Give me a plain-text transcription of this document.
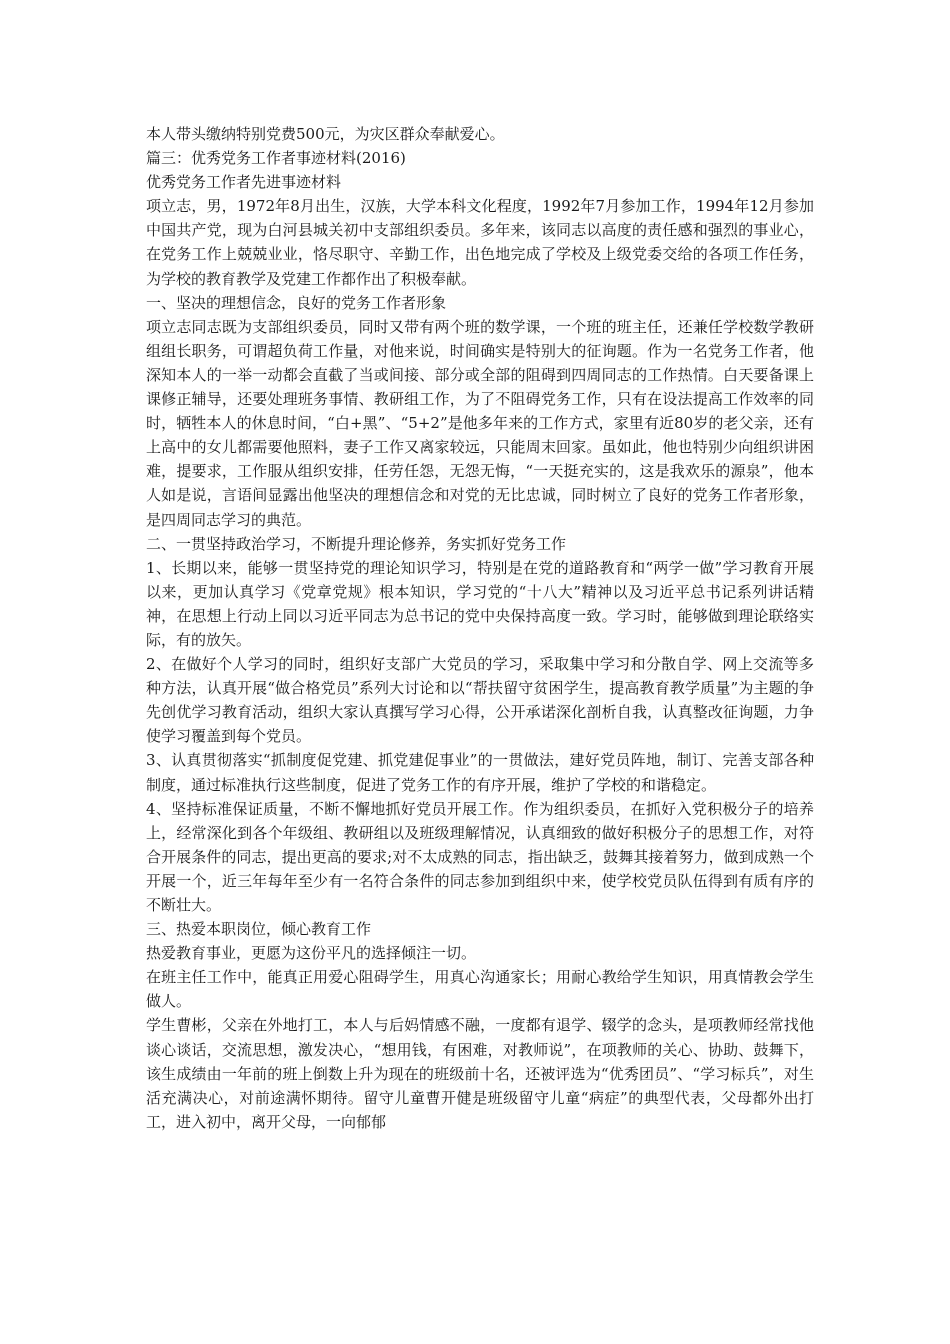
本人带头缴纳特别党费500元，为灾区群众奉献爱心。

篇三：优秀党务工作者事迹材料(2016)

优秀党务工作者先进事迹材料

项立志，男，1972年8月出生，汉族，大学本科文化程度，1992年7月参加工作，1994年12月参加中国共产党，现为白河县城关初中支部组织委员。多年来，该同志以高度的责任感和强烈的事业心，在党务工作上兢兢业业，恪尽职守、辛勤工作，出色地完成了学校及上级党委交给的各项工作任务，为学校的教育教学及党建工作都作出了积极奉献。

一、坚决的理想信念，良好的党务工作者形象

项立志同志既为支部组织委员，同时又带有两个班的数学课，一个班的班主任，还兼任学校数学教研组组长职务，可谓超负荷工作量，对他来说，时间确实是特别大的征询题。作为一名党务工作者，他深知本人的一举一动都会直截了当或间接、部分或全部的阻碍到四周同志的工作热情。白天要备课上课修正辅导，还要处理班务事情、教研组工作，为了不阻碍党务工作，只有在设法提高工作效率的同时，牺牲本人的休息时间，“白+黑”、“5+2”是他多年来的工作方式，家里有近80岁的老父亲，还有上高中的女儿都需要他照料，妻子工作又离家较远，只能周末回家。虽如此，他也特别少向组织讲困难，提要求，工作服从组织安排，任劳任怨，无怨无悔，“一天挺充实的，这是我欢乐的源泉”，他本人如是说，言语间显露出他坚决的理想信念和对党的无比忠诚，同时树立了良好的党务工作者形象，是四周同志学习的典范。

二、一贯坚持政治学习，不断提升理论修养，务实抓好党务工作

1、长期以来，能够一贯坚持党的理论知识学习，特别是在党的道路教育和“两学一做”学习教育开展以来，更加认真学习《党章党规》根本知识，学习党的“十八大”精神以及习近平总书记系列讲话精神，在思想上行动上同以习近平同志为总书记的党中央保持高度一致。学习时，能够做到理论联络实际，有的放矢。

2、在做好个人学习的同时，组织好支部广大党员的学习，采取集中学习和分散自学、网上交流等多种方法，认真开展“做合格党员”系列大讨论和以“帮扶留守贫困学生，提高教育教学质量”为主题的争先创优学习教育活动，组织大家认真撰写学习心得，公开承诺深化剖析自我，认真整改征询题，力争使学习覆盖到每个党员。

3、认真贯彻落实“抓制度促党建、抓党建促事业”的一贯做法，建好党员阵地，制订、完善支部各种制度，通过标准执行这些制度，促进了党务工作的有序开展，维护了学校的和谐稳定。

4、坚持标准保证质量，不断不懈地抓好党员开展工作。作为组织委员，在抓好入党积极分子的培养上，经常深化到各个年级组、教研组以及班级理解情况，认真细致的做好积极分子的思想工作，对符合开展条件的同志，提出更高的要求;对不太成熟的同志，指出缺乏，鼓舞其接着努力，做到成熟一个开展一个，近三年每年至少有一名符合条件的同志参加到组织中来，使学校党员队伍得到有质有序的不断壮大。

三、热爱本职岗位，倾心教育工作

热爱教育事业，更愿为这份平凡的选择倾注一切。

在班主任工作中，能真正用爱心阻碍学生，用真心沟通家长；用耐心教给学生知识，用真情教会学生做人。

学生曹彬，父亲在外地打工，本人与后妈情感不融，一度都有退学、辍学的念头，是项教师经常找他谈心谈话，交流思想，激发决心，“想用钱，有困难，对教师说”，在项教师的关心、协助、鼓舞下，该生成绩由一年前的班上倒数上升为现在的班级前十名，还被评选为“优秀团员”、“学习标兵”，对生活充满决心，对前途满怀期待。留守儿童曹开健是班级留守儿童“病症”的典型代表，父母都外出打工，进入初中，离开父母，一向郁郁
